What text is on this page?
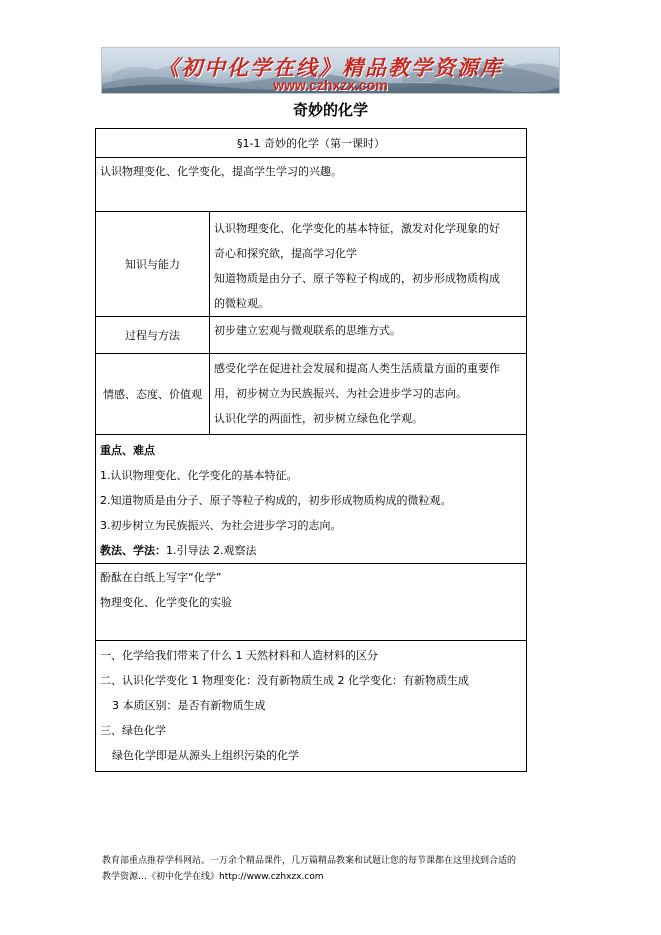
《初中化学在线》精品教学资源库
www.czhxzx.com
奇妙的化学
§1-1 奇妙的化学（第一课时）	
认识物理变化、化学变化，提高学生学习的兴趣。	
知识与能力	认识物理变化、化学变化的基本特征，激发对化学现象的好
奇心和探究欲，提高学习化学
知道物质是由分子、原子等粒子构成的，初步形成物质构成
的微粒观。

过程与方法	初步建立宏观与微观联系的思维方式。

情感、态度、价值观	感受化学在促进社会发展和提高人类生活质量方面的重要作
用，初步树立为民族振兴、为社会进步学习的志向。
认识化学的两面性，初步树立绿色化学观。

重点、难点
1.认识物理变化、化学变化的基本特征。
2.知道物质是由分子、原子等粒子构成的，初步形成物质构成的微粒观。
3.初步树立为民族振兴、为社会进步学习的志向。
教法、学法：1.引导法 2.观察法	

酚酞在白纸上写字“化学”
物理变化、化学变化的实验	

一、化学给我们带来了什么 1 天然材料和人造材料的区分
二、认识化学变化 1 物理变化：没有新物质生成 2 化学变化：有新物质生成
3 本质区别：是否有新物质生成
三、绿色化学
绿色化学即是从源头上组织污染的化学	
教育部重点推荐学科网站。一万余个精品课件，几万篇精品教案和试题让您的每节课都在这里找到合适的
教学资源…《初中化学在线》http://www.czhxzx.com
